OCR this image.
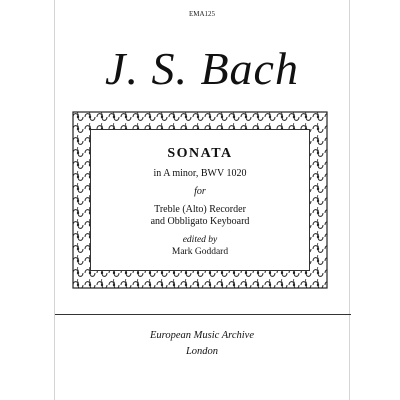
EMA125
J. S. Bach
SONATA
in A minor, BWV 1020
for
Treble (Alto) Recorder
and Obbligato Keyboard
edited by
Mark Goddard
European Music Archive
London
